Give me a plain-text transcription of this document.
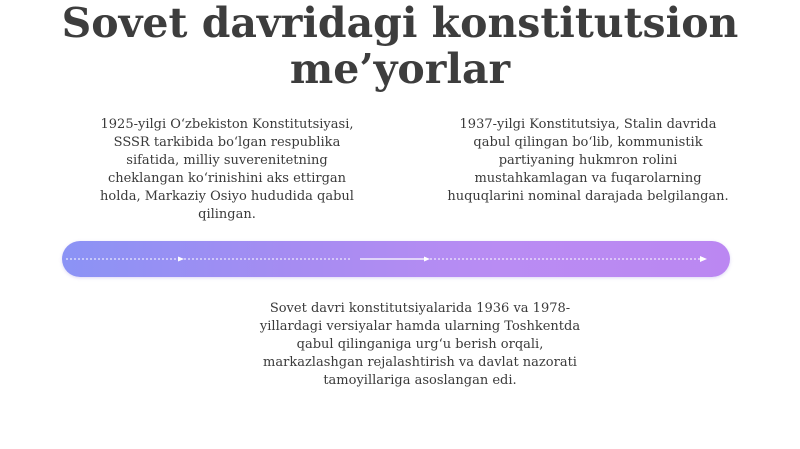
Sovet davridagi konstitutsion
me’yorlar
1925-yilgi O‘zbekiston Konstitutsiyasi,
SSSR tarkibida bo‘lgan respublika
sifatida, milliy suverenitetning
cheklangan ko‘rinishini aks ettirgan
holda, Markaziy Osiyo hududida qabul
qilingan.
1937-yilgi Konstitutsiya, Stalin davrida
qabul qilingan bo‘lib, kommunistik
partiyaning hukmron rolini
mustahkamlagan va fuqarolarning
huquqlarini nominal darajada belgilangan.
Sovet davri konstitutsiyalarida 1936 va 1978-
yillardagi versiyalar hamda ularning Toshkentda
qabul qilinganiga urg‘u berish orqali,
markazlashgan rejalashtirish va davlat nazorati
tamoyillariga asoslangan edi.
